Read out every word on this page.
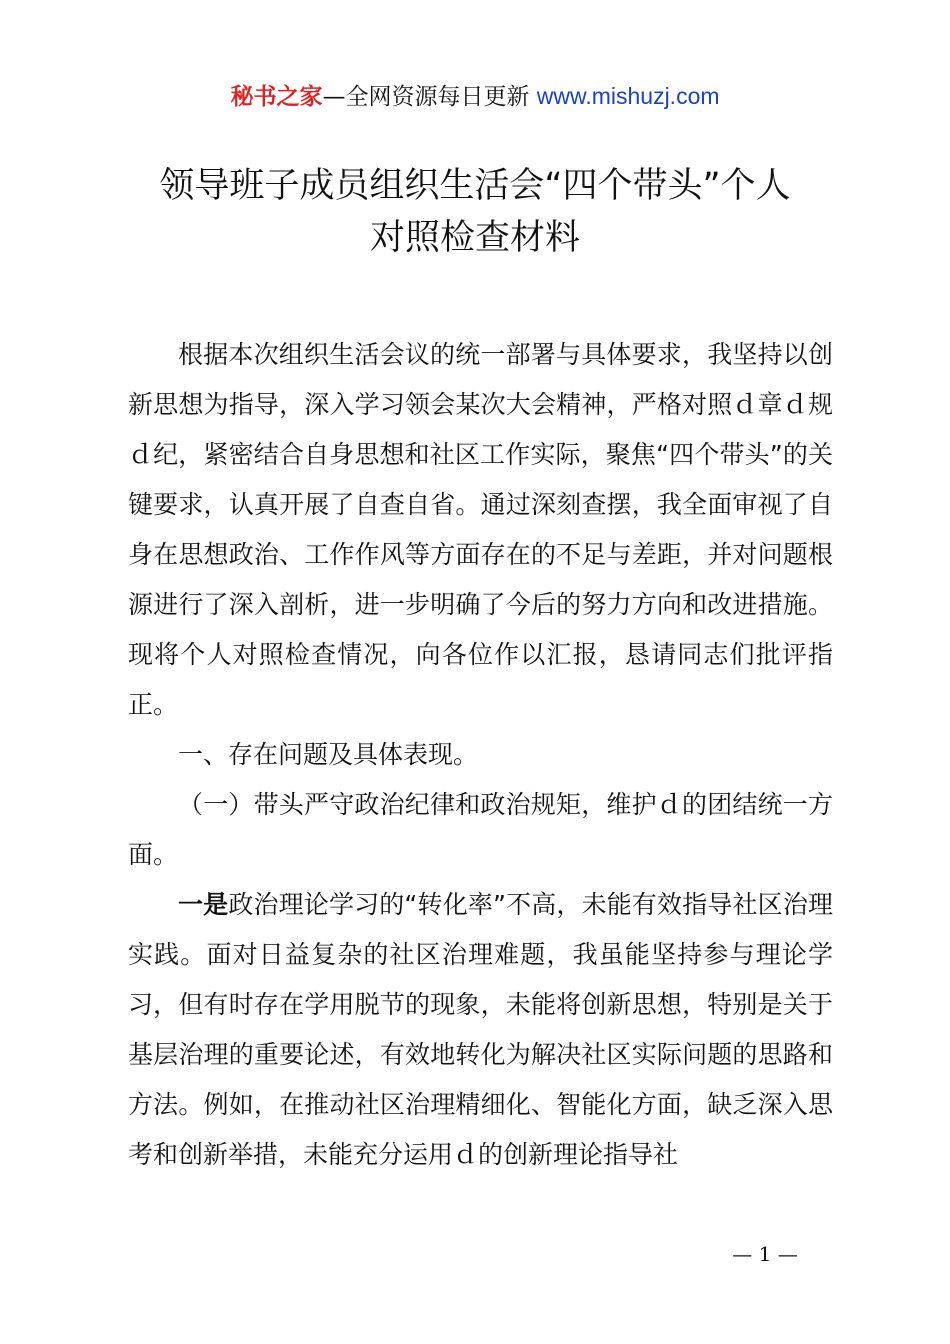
秘书之家—全网资源每日更新 www.mishuzj.com
领导班子成员组织生活会“四个带头”个人
对照检查材料

根据本次组织生活会议的统一部署与具体要求，我坚持以创新思想为指导，深入学习领会某次大会精神，严格对照ｄ章ｄ规ｄ纪，紧密结合自身思想和社区工作实际，聚焦“四个带头”的关键要求，认真开展了自查自省。通过深刻查摆，我全面审视了自身在思想政治、工作作风等方面存在的不足与差距，并对问题根源进行了深入剖析，进一步明确了今后的努力方向和改进措施。现将个人对照检查情况，向各位作以汇报，恳请同志们批评指正。

一、存在问题及具体表现。

（一）带头严守政治纪律和政治规矩，维护ｄ的团结统一方面。

一是政治理论学习的“转化率”不高，未能有效指导社区治理实践。面对日益复杂的社区治理难题，我虽能坚持参与理论学习，但有时存在学用脱节的现象，未能将创新思想，特别是关于基层治理的重要论述，有效地转化为解决社区实际问题的思路和方法。例如，在推动社区治理精细化、智能化方面，缺乏深入思考和创新举措，未能充分运用ｄ的创新理论指导社

— 1 —
